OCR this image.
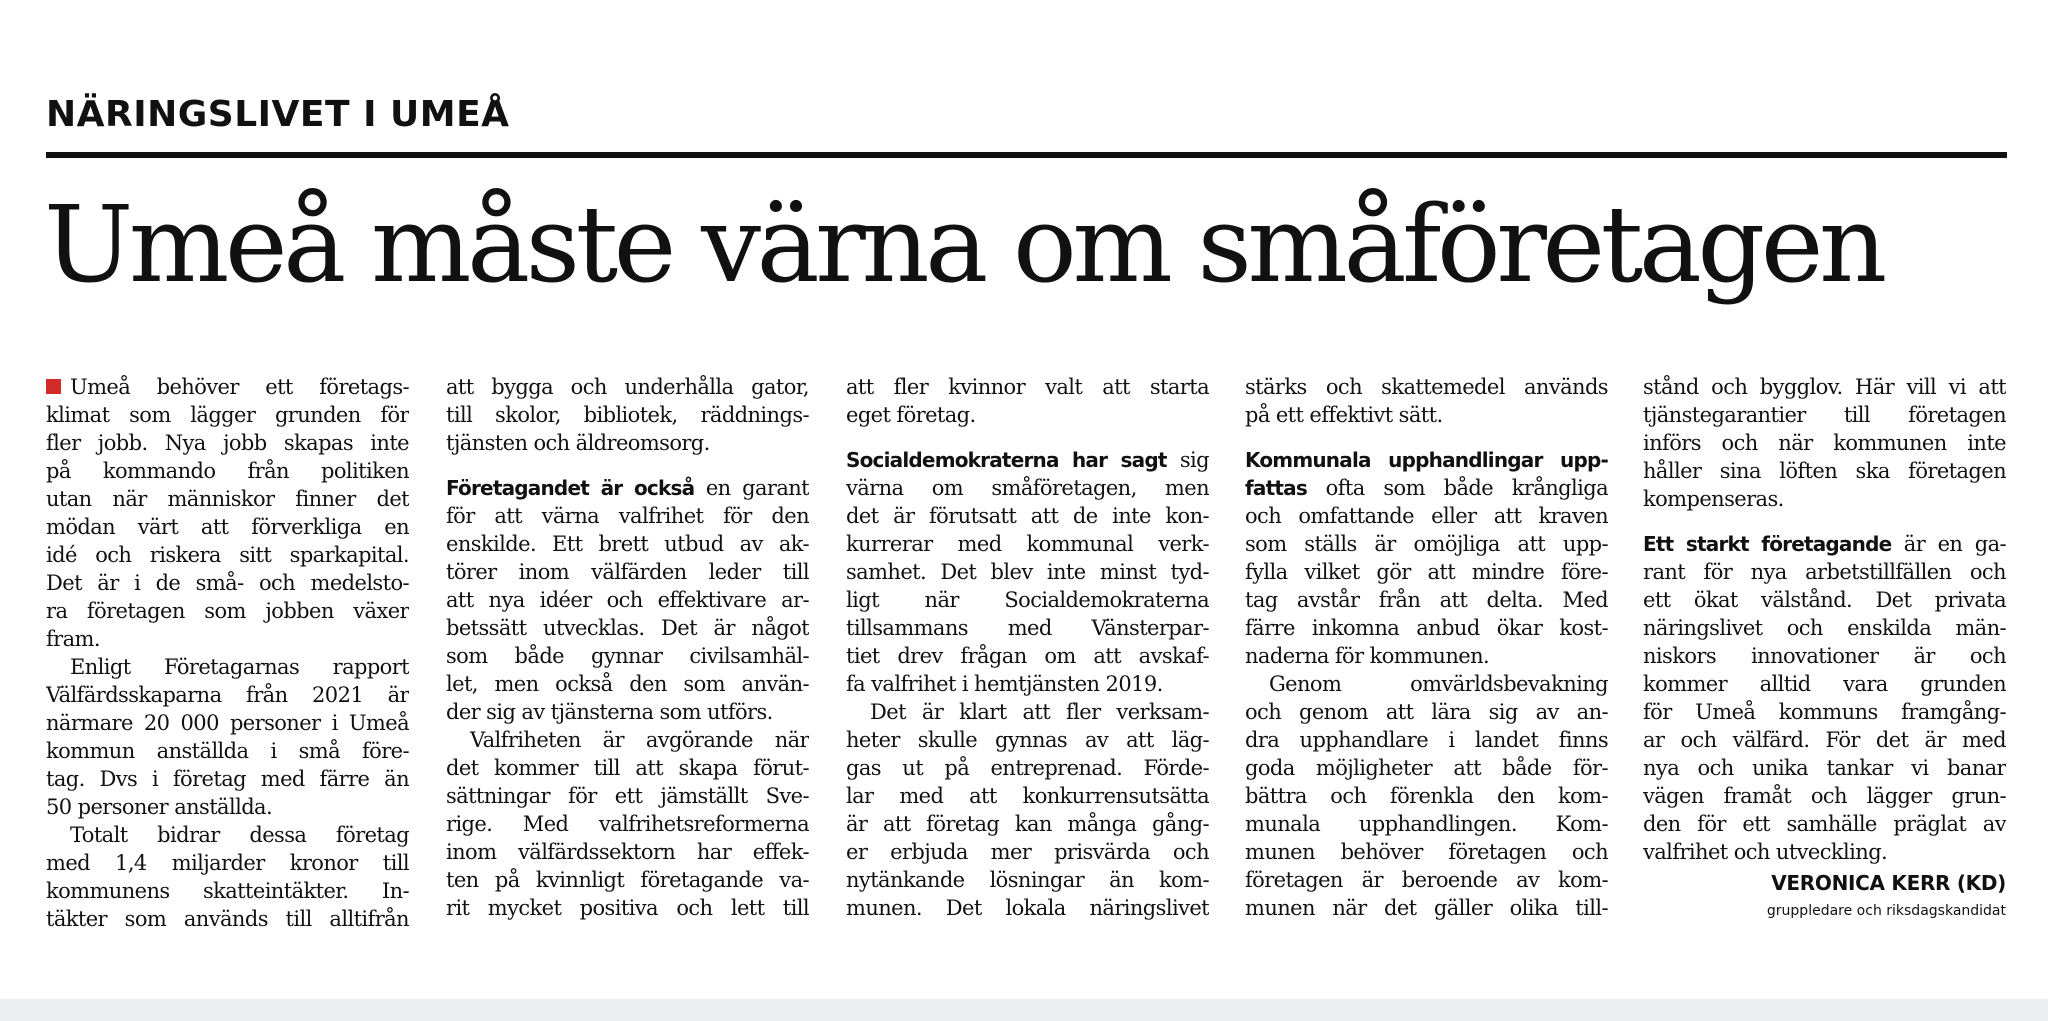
NÄRINGSLIVET I UMEÅ
Umeå måste värna om småföretagen
Umeå behöver ett företags-
klimat som lägger grunden för
fler jobb. Nya jobb skapas inte
på kommando från politiken
utan när människor finner det
mödan värt att förverkliga en
idé och riskera sitt sparkapital.
Det är i de små- och medelsto-
ra företagen som jobben växer
fram.
Enligt Företagarnas rapport
Välfärdsskaparna från 2021 är
närmare 20 000 personer i Umeå
kommun anställda i små före-
tag. Dvs i företag med färre än
50 personer anställda.
Totalt bidrar dessa företag
med 1,4 miljarder kronor till
kommunens skatteintäkter. In-
täkter som används till alltifrån
att bygga och underhålla gator,
till skolor, bibliotek, räddnings-
tjänsten och äldreomsorg.
Företagandet är också en garant
för att värna valfrihet för den
enskilde. Ett brett utbud av ak-
törer inom välfärden leder till
att nya idéer och effektivare ar-
betssätt utvecklas. Det är något
som både gynnar civilsamhäl-
let, men också den som använ-
der sig av tjänsterna som utförs.
Valfriheten är avgörande när
det kommer till att skapa förut-
sättningar för ett jämställt Sve-
rige. Med valfrihetsreformerna
inom välfärdssektorn har effek-
ten på kvinnligt företagande va-
rit mycket positiva och lett till
att fler kvinnor valt att starta
eget företag.
Socialdemokraterna har sagt sig
värna om småföretagen, men
det är förutsatt att de inte kon-
kurrerar med kommunal verk-
samhet. Det blev inte minst tyd-
ligt när Socialdemokraterna
tillsammans med Vänsterpar-
tiet drev frågan om att avskaf-
fa valfrihet i hemtjänsten 2019.
Det är klart att fler verksam-
heter skulle gynnas av att läg-
gas ut på entreprenad. Förde-
lar med att konkurrensutsätta
är att företag kan många gång-
er erbjuda mer prisvärda och
nytänkande lösningar än kom-
munen. Det lokala näringslivet
stärks och skattemedel används
på ett effektivt sätt.
Kommunala upphandlingar upp-
fattas ofta som både krångliga
och omfattande eller att kraven
som ställs är omöjliga att upp-
fylla vilket gör att mindre före-
tag avstår från att delta. Med
färre inkomna anbud ökar kost-
naderna för kommunen.
Genom omvärldsbevakning
och genom att lära sig av an-
dra upphandlare i landet finns
goda möjligheter att både för-
bättra och förenkla den kom-
munala upphandlingen. Kom-
munen behöver företagen och
företagen är beroende av kom-
munen när det gäller olika till-
stånd och bygglov. Här vill vi att
tjänstegarantier till företagen
införs och när kommunen inte
håller sina löften ska företagen
kompenseras.
Ett starkt företagande är en ga-
rant för nya arbetstillfällen och
ett ökat välstånd. Det privata
näringslivet och enskilda män-
niskors innovationer är och
kommer alltid vara grunden
för Umeå kommuns framgång-
ar och välfärd. För det är med
nya och unika tankar vi banar
vägen framåt och lägger grun-
den för ett samhälle präglat av
valfrihet och utveckling.
VERONICA KERR (KD)
gruppledare och riksdagskandidat
